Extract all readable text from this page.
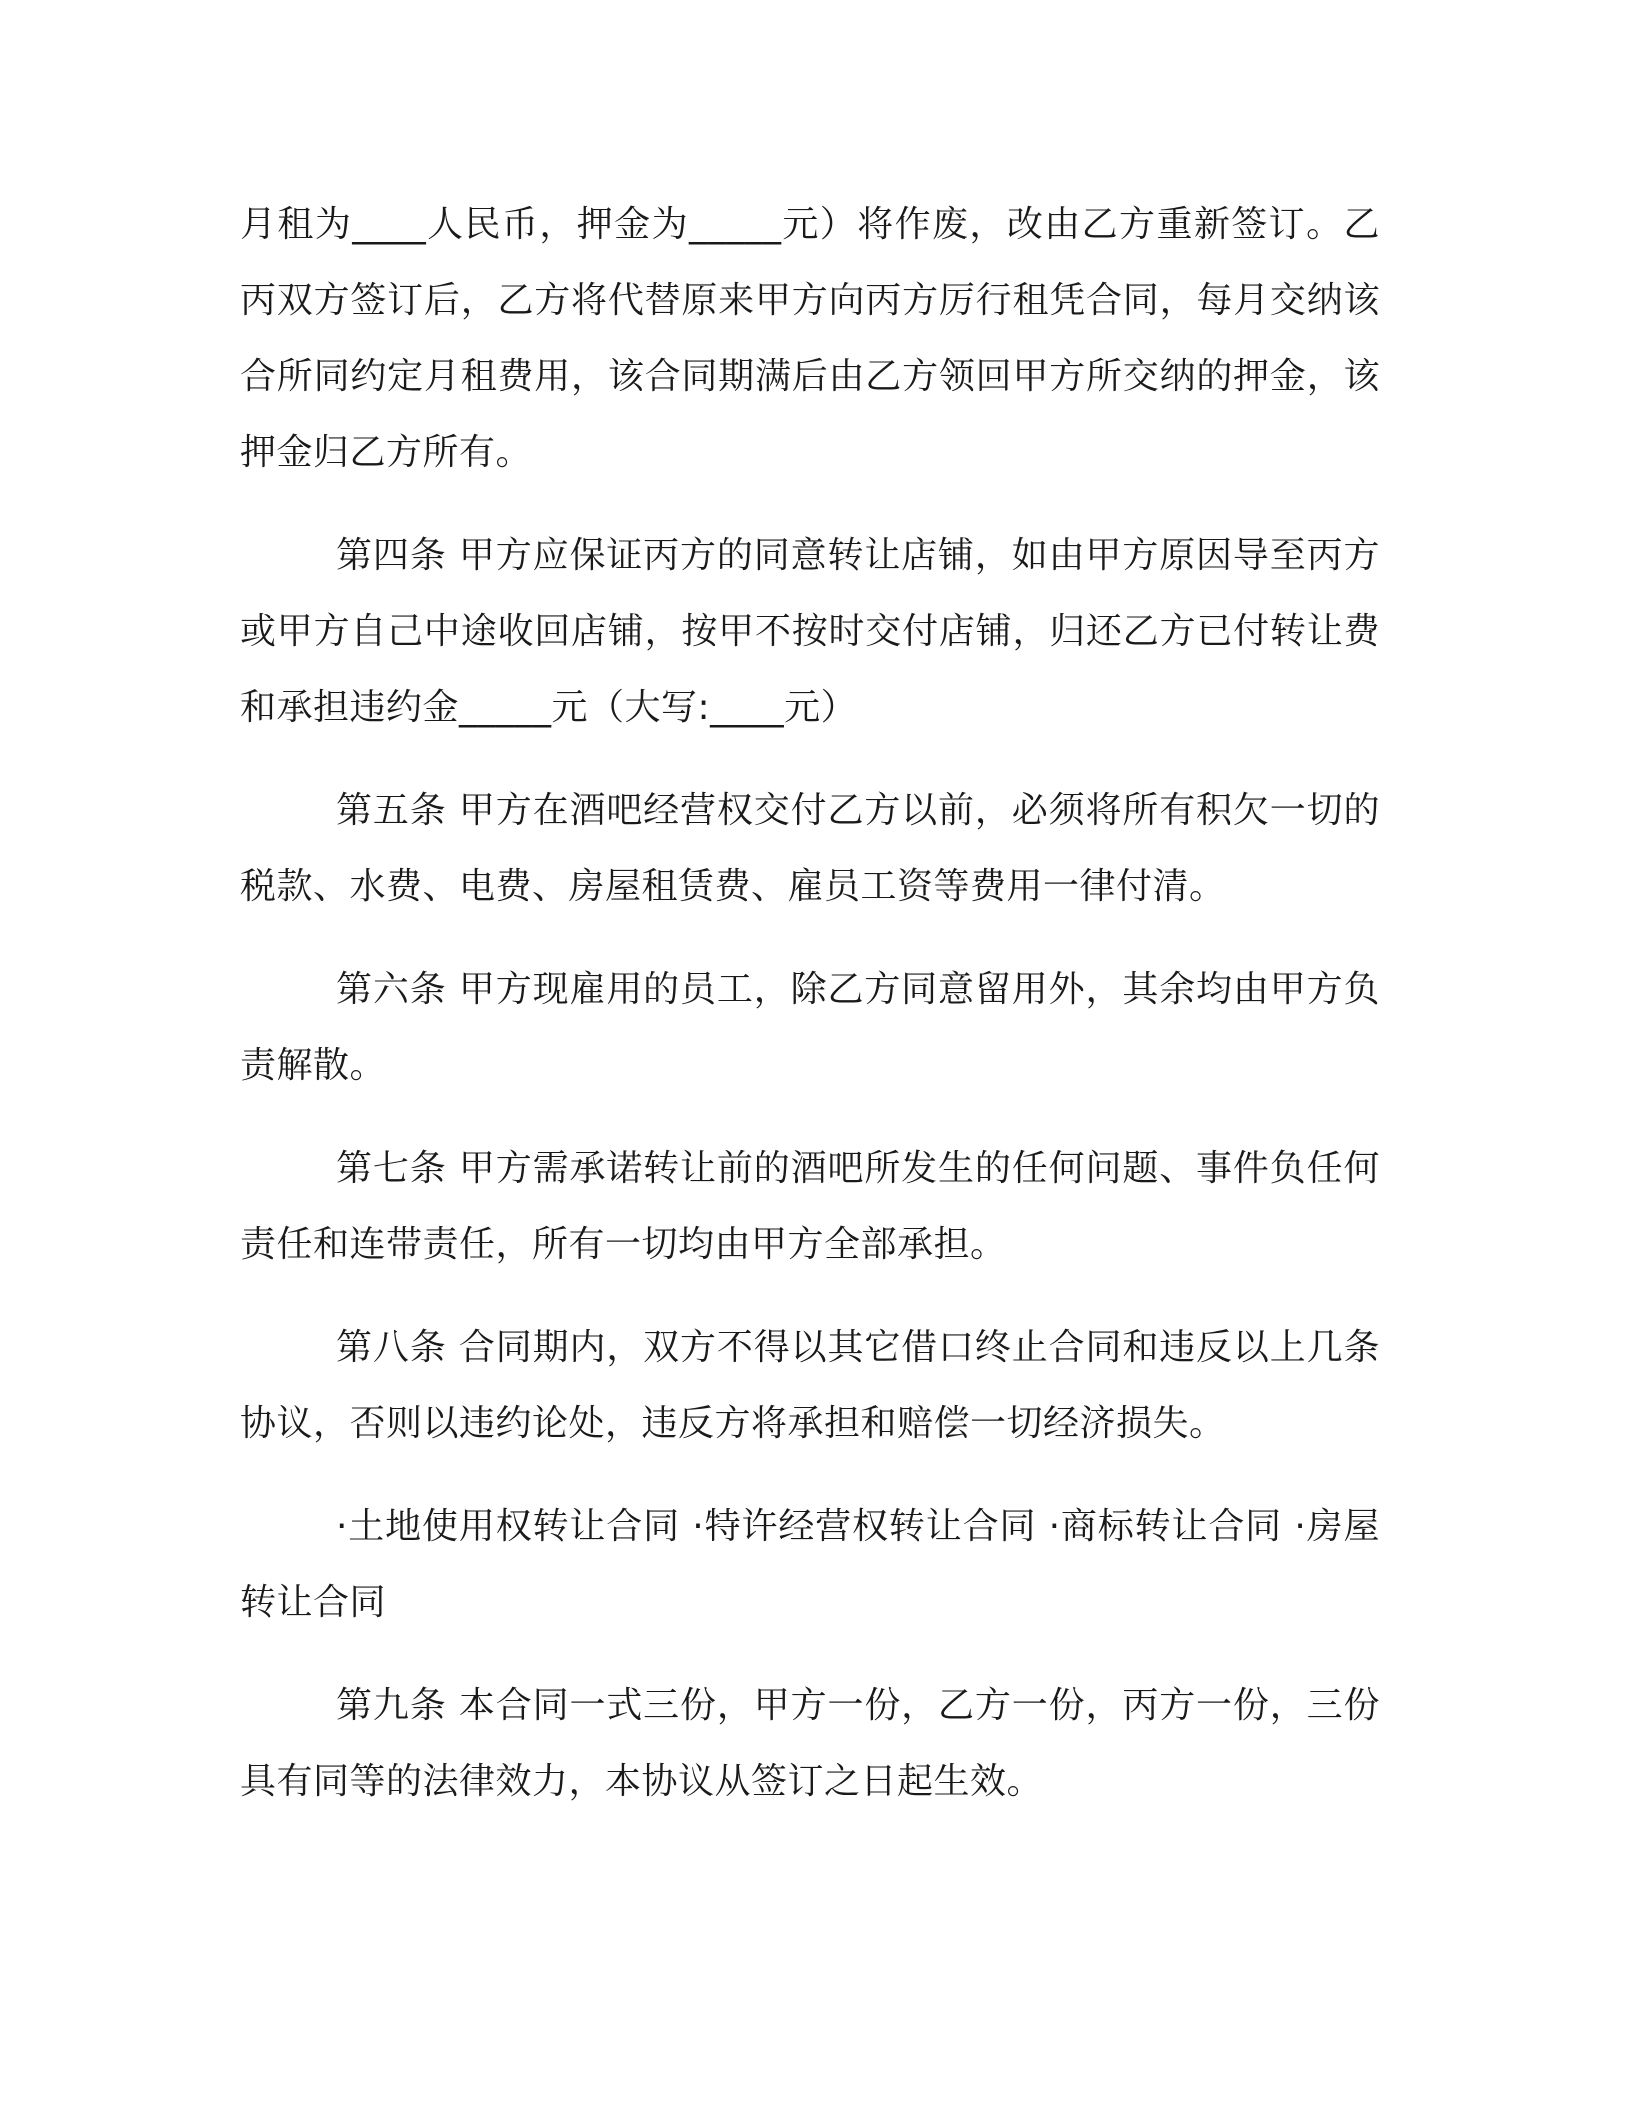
月租为____人民币，押金为_____元）将作废，改由乙方重新签订。乙丙双方签订后，乙方将代替原来甲方向丙方厉行租凭合同，每月交纳该合所同约定月租费用，该合同期满后由乙方领回甲方所交纳的押金，该押金归乙方所有。

第四条 甲方应保证丙方的同意转让店铺，如由甲方原因导至丙方或甲方自己中途收回店铺，按甲不按时交付店铺，归还乙方已付转让费和承担违约金_____元（大写:____元）

第五条 甲方在酒吧经营权交付乙方以前，必须将所有积欠一切的税款、水费、电费、房屋租赁费、雇员工资等费用一律付清。

第六条 甲方现雇用的员工，除乙方同意留用外，其余均由甲方负责解散。

第七条 甲方需承诺转让前的酒吧所发生的任何问题、事件负任何责任和连带责任，所有一切均由甲方全部承担。

第八条 合同期内，双方不得以其它借口终止合同和违反以上几条协议，否则以违约论处，违反方将承担和赔偿一切经济损失。

·土地使用权转让合同 ·特许经营权转让合同 ·商标转让合同 ·房屋转让合同

第九条 本合同一式三份，甲方一份，乙方一份，丙方一份，三份具有同等的法律效力，本协议从签订之日起生效。
